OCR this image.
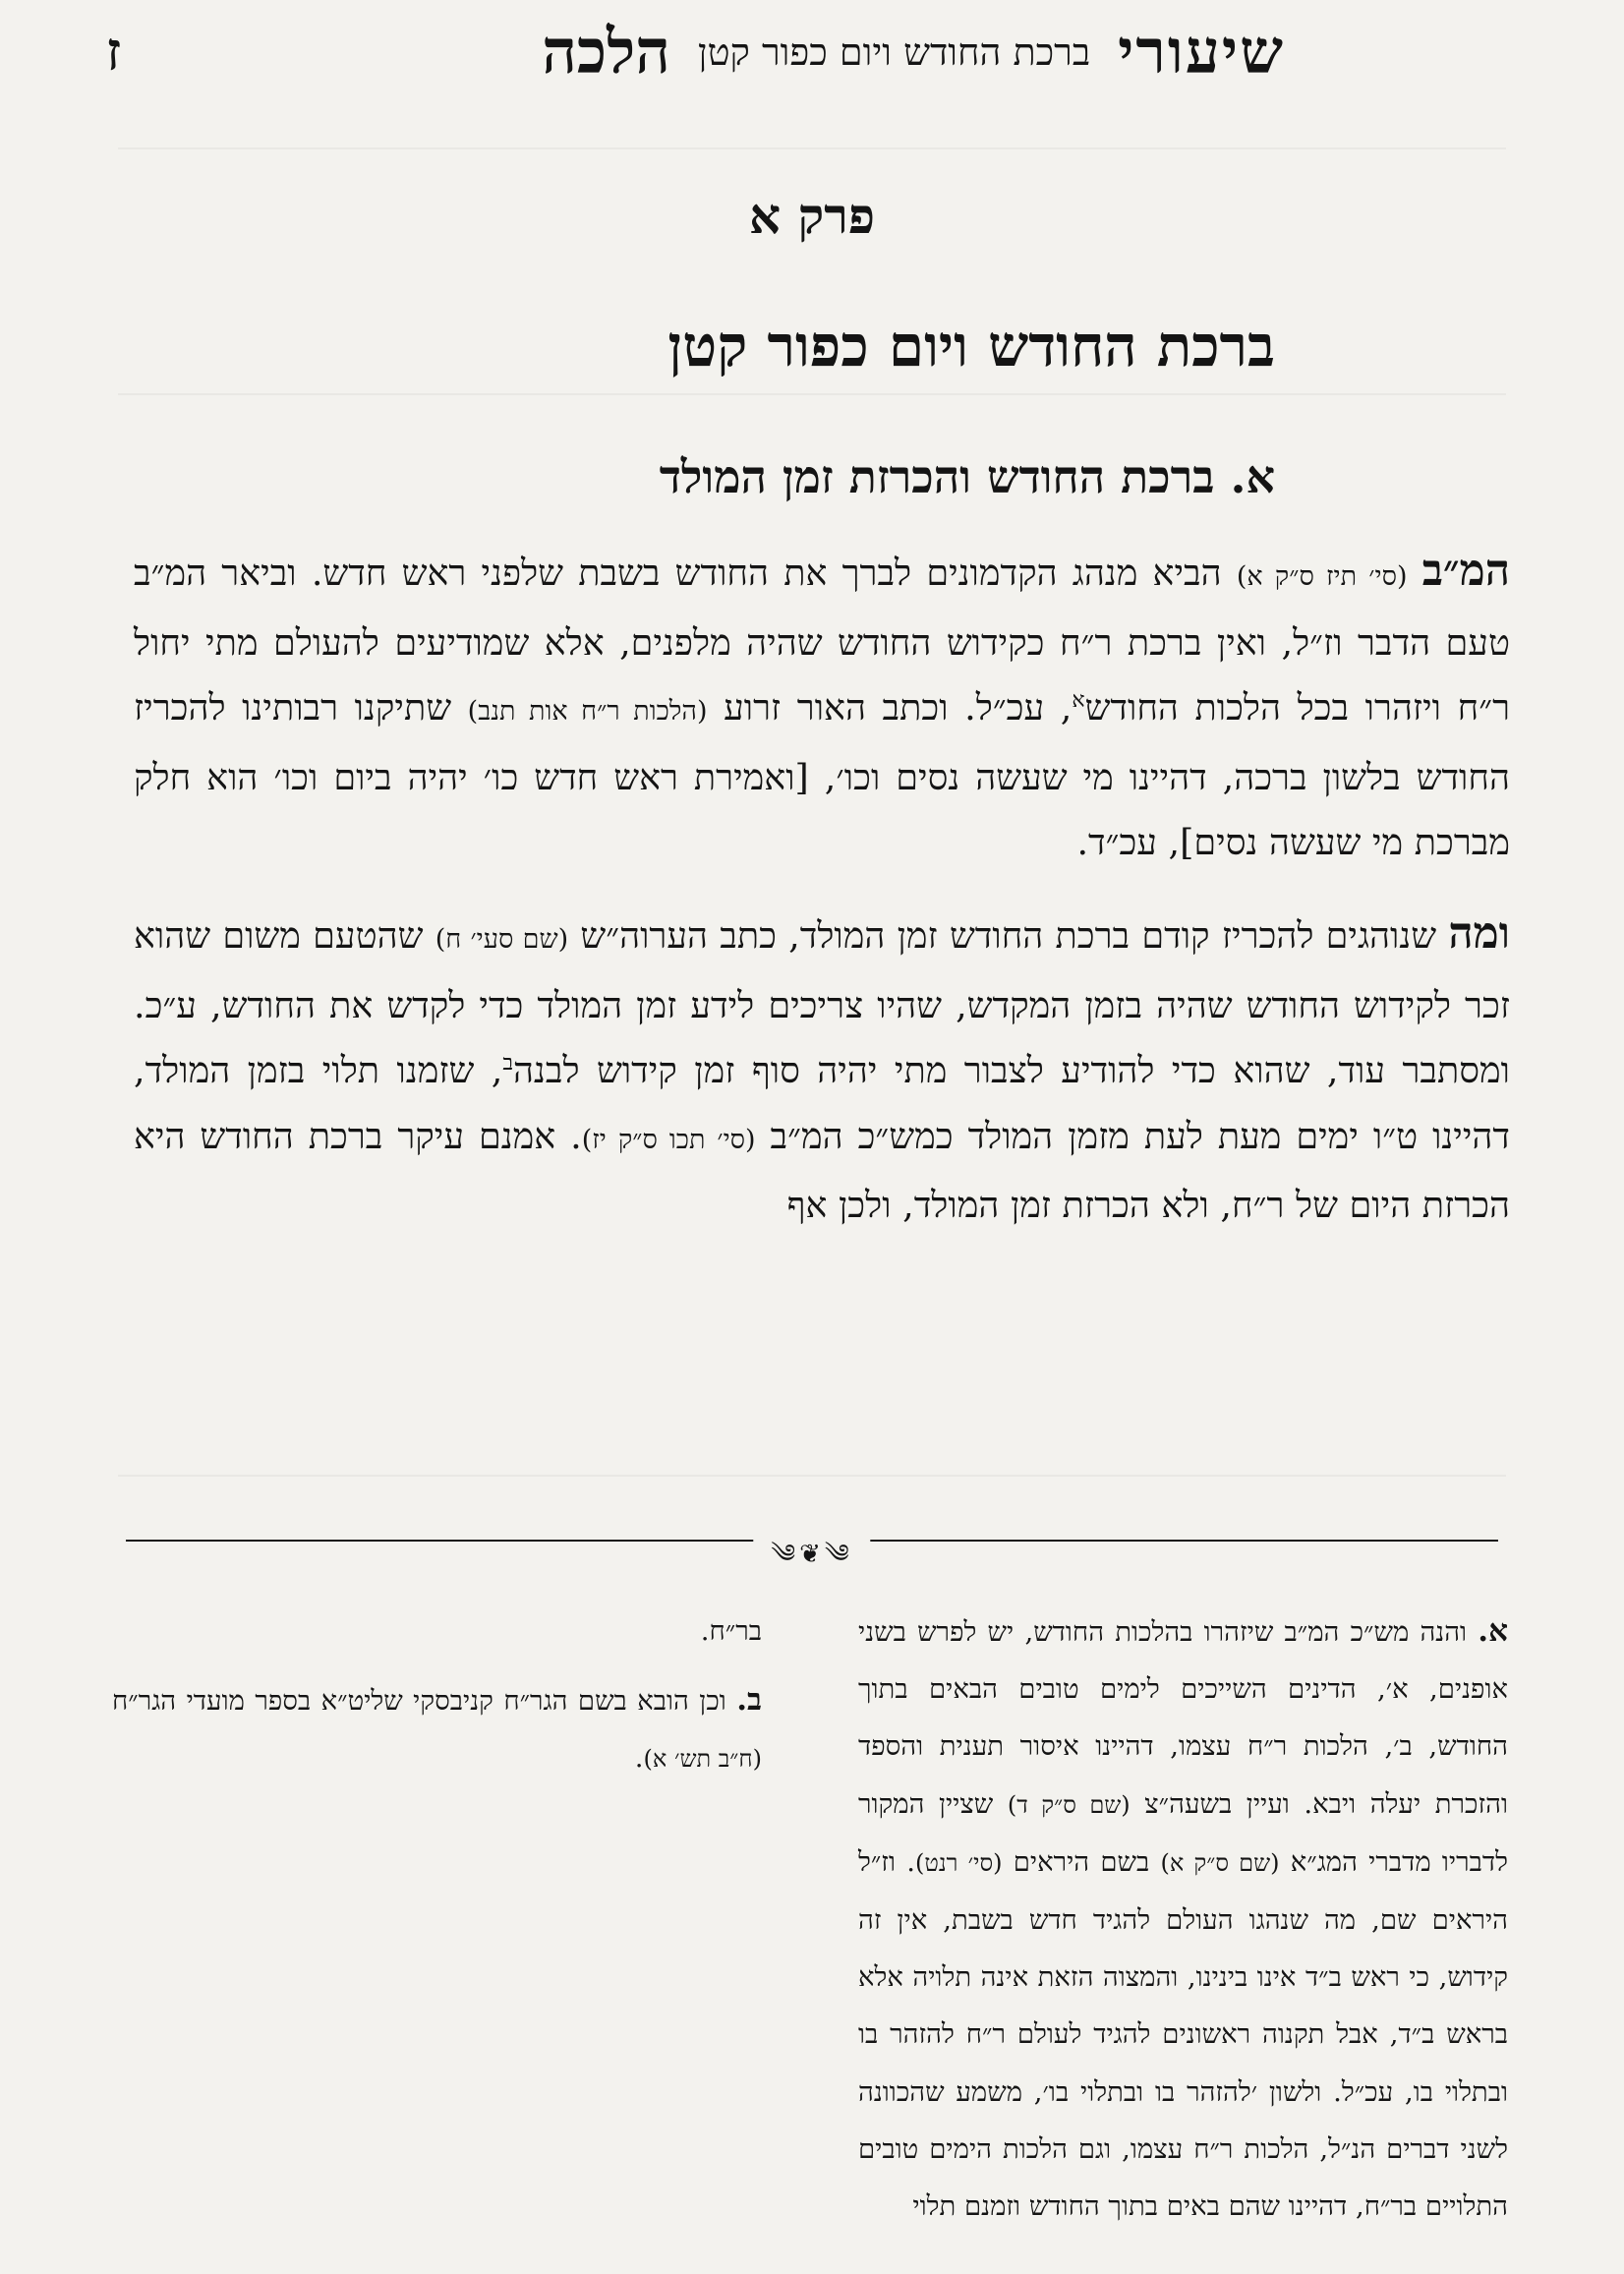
שיעורי
ברכת החודש ויום כפור קטן
הלכה
ז
פרק א
ברכת החודש ויום כפור קטן
א. ברכת החודש והכרזת זמן המולד

המ״ב (סי׳ תיז ס״ק א) הביא מנהג הקדמונים לברך את החודש בשבת שלפני ראש חדש. וביאר המ״ב טעם הדבר וז״ל, ואין ברכת ר״ח כקידוש החודש שהיה מלפנים, אלא שמודיעים להעולם מתי יחול ר״ח ויזהרו בכל הלכות החודש$^א$, עכ״ל. וכתב האור זרוע (הלכות ר״ח אות תנב) שתיקנו רבותינו להכריז החודש בלשון ברכה, דהיינו מי שעשה נסים וכו׳, [ואמירת ראש חדש כו׳ יהיה ביום וכו׳ הוא חלק מברכת מי שעשה נסים], עכ״ד.

ומה שנוהגים להכריז קודם ברכת החודש זמן המולד, כתב הערוה״ש (שם סעי׳ ח) שהטעם משום שהוא זכר לקידוש החודש שהיה בזמן המקדש, שהיו צריכים לידע זמן המולד כדי לקדש את החודש, ע״כ. ומסתבר עוד, שהוא כדי להודיע לצבור מתי יהיה סוף זמן קידוש לבנה$^ב$, שזמנו תלוי בזמן המולד, דהיינו ט״ו ימים מעת לעת מזמן המולד כמש״כ המ״ב (סי׳ תכו ס״ק יז). אמנם עיקר ברכת החודש היא הכרזת היום של ר״ח, ולא הכרזת זמן המולד, ולכן אף

༄❦༄

א. והנה מש״כ המ״ב שיזהרו בהלכות החודש, יש לפרש בשני אופנים, א׳, הדינים השייכים לימים טובים הבאים בתוך החודש, ב׳, הלכות ר״ח עצמו, דהיינו איסור תענית והספד והזכרת יעלה ויבא. ועיין בשעה״צ (שם ס״ק ד) שציין המקור לדבריו מדברי המג״א (שם ס״ק א) בשם היראים (סי׳ רנט). וז״ל היראים שם, מה שנהגו העולם להגיד חדש בשבת, אין זה קידוש, כי ראש ב״ד אינו בינינו, והמצוה הזאת אינה תלויה אלא בראש ב״ד, אבל תקנוה ראשונים להגיד לעולם ר״ח להזהר בו ובתלוי בו, עכ״ל. ולשון ׳להזהר בו ובתלוי בו׳, משמע שהכוונה לשני דברים הנ״ל, הלכות ר״ח עצמו, וגם הלכות הימים טובים התלויים בר״ח, דהיינו שהם באים בתוך החודש וזמנם תלוי

בר״ח.

ב. וכן הובא בשם הגר״ח קניבסקי שליט״א בספר מועדי הגר״ח (ח״ב תש׳ א).
